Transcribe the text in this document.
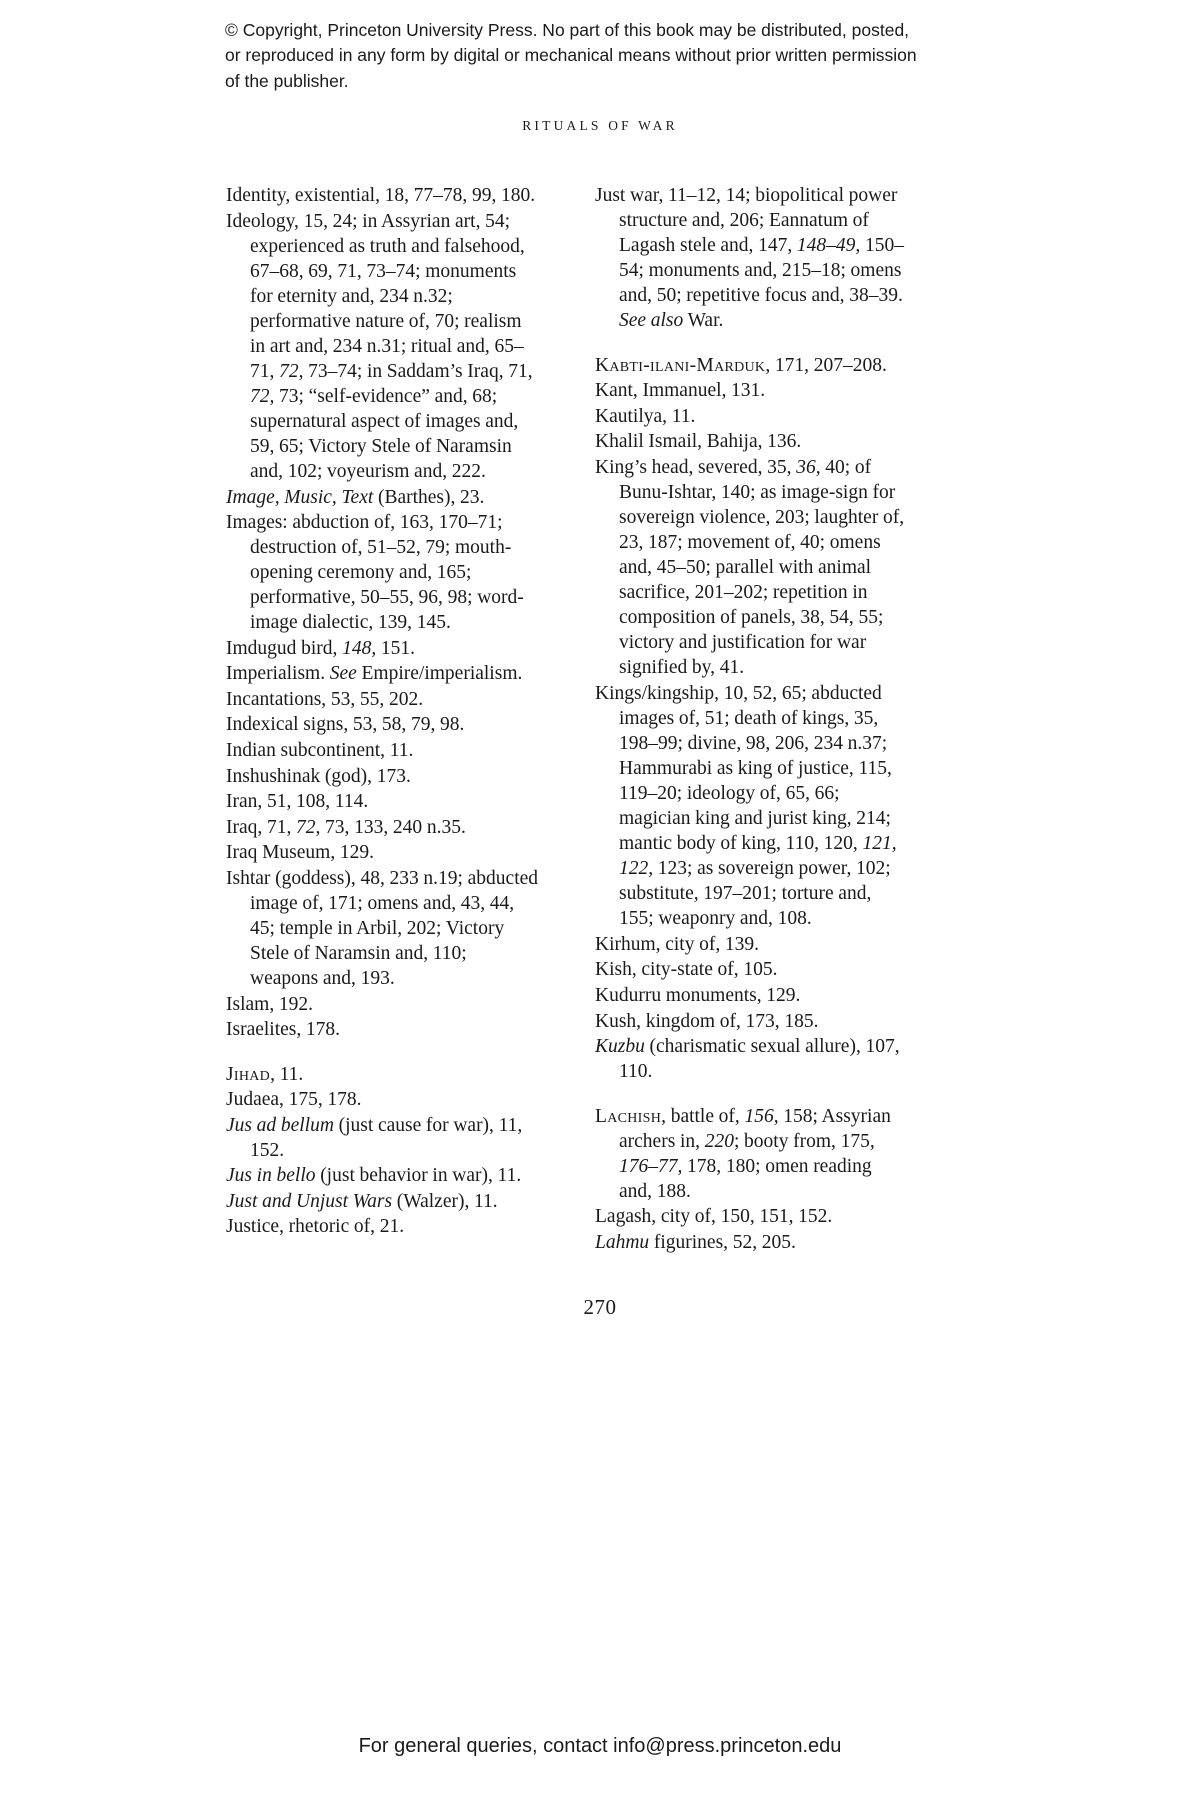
© Copyright, Princeton University Press. No part of this book may be distributed, posted, or reproduced in any form by digital or mechanical means without prior written permission of the publisher.
RITUALS OF WAR

Identity, existential, 18, 77–78, 99, 180.

Ideology, 15, 24; in Assyrian art, 54; experienced as truth and falsehood, 67–68, 69, 71, 73–74; monuments for eternity and, 234 n.32; performative nature of, 70; realism in art and, 234 n.31; ritual and, 65–71, 72, 73–74; in Saddam’s Iraq, 71, 72, 73; “self-evidence” and, 68; supernatural aspect of images and, 59, 65; Victory Stele of Naramsin and, 102; voyeurism and, 222.

Image, Music, Text (Barthes), 23.

Images: abduction of, 163, 170–71; destruction of, 51–52, 79; mouth-opening ceremony and, 165; performative, 50–55, 96, 98; word-image dialectic, 139, 145.

Imdugud bird, 148, 151.

Imperialism. See Empire/imperialism.

Incantations, 53, 55, 202.

Indexical signs, 53, 58, 79, 98.

Indian subcontinent, 11.

Inshushinak (god), 173.

Iran, 51, 108, 114.

Iraq, 71, 72, 73, 133, 240 n.35.

Iraq Museum, 129.

Ishtar (goddess), 48, 233 n.19; abducted image of, 171; omens and, 43, 44, 45; temple in Arbil, 202; Victory Stele of Naramsin and, 110; weapons and, 193.

Islam, 192.

Israelites, 178.

Jihad, 11.

Judaea, 175, 178.

Jus ad bellum (just cause for war), 11, 152.

Jus in bello (just behavior in war), 11.

Just and Unjust Wars (Walzer), 11.

Justice, rhetoric of, 21.

Just war, 11–12, 14; biopolitical power structure and, 206; Eannatum of Lagash stele and, 147, 148–49, 150–54; monuments and, 215–18; omens and, 50; repetitive focus and, 38–39. See also War.

Kabti-ilani-Marduk, 171, 207–208.

Kant, Immanuel, 131.

Kautilya, 11.

Khalil Ismail, Bahija, 136.

King’s head, severed, 35, 36, 40; of Bunu-Ishtar, 140; as image-sign for sovereign violence, 203; laughter of, 23, 187; movement of, 40; omens and, 45–50; parallel with animal sacrifice, 201–202; repetition in composition of panels, 38, 54, 55; victory and justification for war signified by, 41.

Kings/kingship, 10, 52, 65; abducted images of, 51; death of kings, 35, 198–99; divine, 98, 206, 234 n.37; Hammurabi as king of justice, 115, 119–20; ideology of, 65, 66; magician king and jurist king, 214; mantic body of king, 110, 120, 121, 122, 123; as sovereign power, 102; substitute, 197–201; torture and, 155; weaponry and, 108.

Kirhum, city of, 139.

Kish, city-state of, 105.

Kudurru monuments, 129.

Kush, kingdom of, 173, 185.

Kuzbu (charismatic sexual allure), 107, 110.

Lachish, battle of, 156, 158; Assyrian archers in, 220; booty from, 175, 176–77, 178, 180; omen reading and, 188.

Lagash, city of, 150, 151, 152.

Lahmu figurines, 52, 205.

270
For general queries, contact info@press.princeton.edu
